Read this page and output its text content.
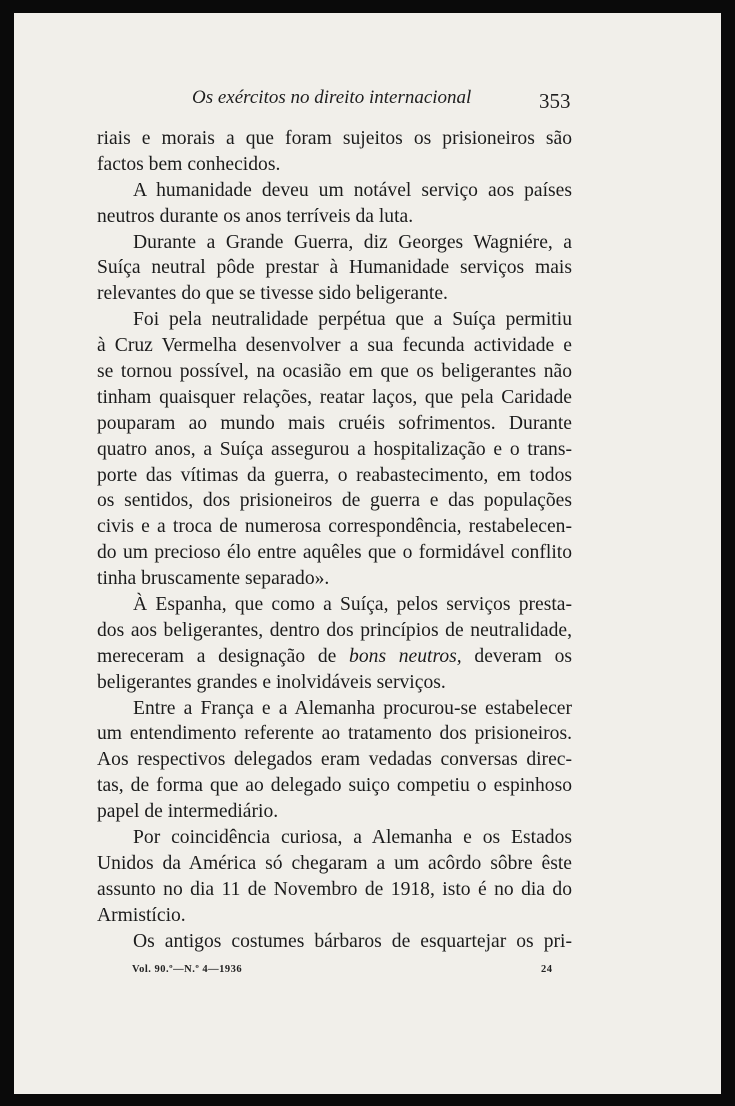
Os exércitos no direito internacional	353
riais e morais a que foram sujeitos os prisioneiros são
factos bem conhecidos.
A humanidade deveu um notável serviço aos países
neutros durante os anos terríveis da luta.
Durante a Grande Guerra, diz Georges Wagniére, a
Suíça neutral pôde prestar à Humanidade serviços mais
relevantes do que se tivesse sido beligerante.
Foi pela neutralidade perpétua que a Suíça permitiu
à Cruz Vermelha desenvolver a sua fecunda actividade e
se tornou possível, na ocasião em que os beligerantes não
tinham quaisquer relações, reatar laços, que pela Caridade
pouparam ao mundo mais cruéis sofrimentos. Durante
quatro anos, a Suíça assegurou a hospitalização e o trans-
porte das vítimas da guerra, o reabastecimento, em todos
os sentidos, dos prisioneiros de guerra e das populações
civis e a troca de numerosa correspondência, restabelecen-
do um precioso élo entre aquêles que o formidável conflito
tinha bruscamente separado».
À Espanha, que como a Suíça, pelos serviços presta-
dos aos beligerantes, dentro dos princípios de neutralidade,
mereceram a designação de bons neutros, deveram os
beligerantes grandes e inolvidáveis serviços.
Entre a França e a Alemanha procurou-se estabelecer
um entendimento referente ao tratamento dos prisioneiros.
Aos respectivos delegados eram vedadas conversas direc-
tas, de forma que ao delegado suiço competiu o espinhoso
papel de intermediário.
Por coincidência curiosa, a Alemanha e os Estados
Unidos da América só chegaram a um acôrdo sôbre êste
assunto no dia 11 de Novembro de 1918, isto é no dia do
Armistício.
Os antigos costumes bárbaros de esquartejar os pri-
Vol. 90.º—N.º 4—1936	24
